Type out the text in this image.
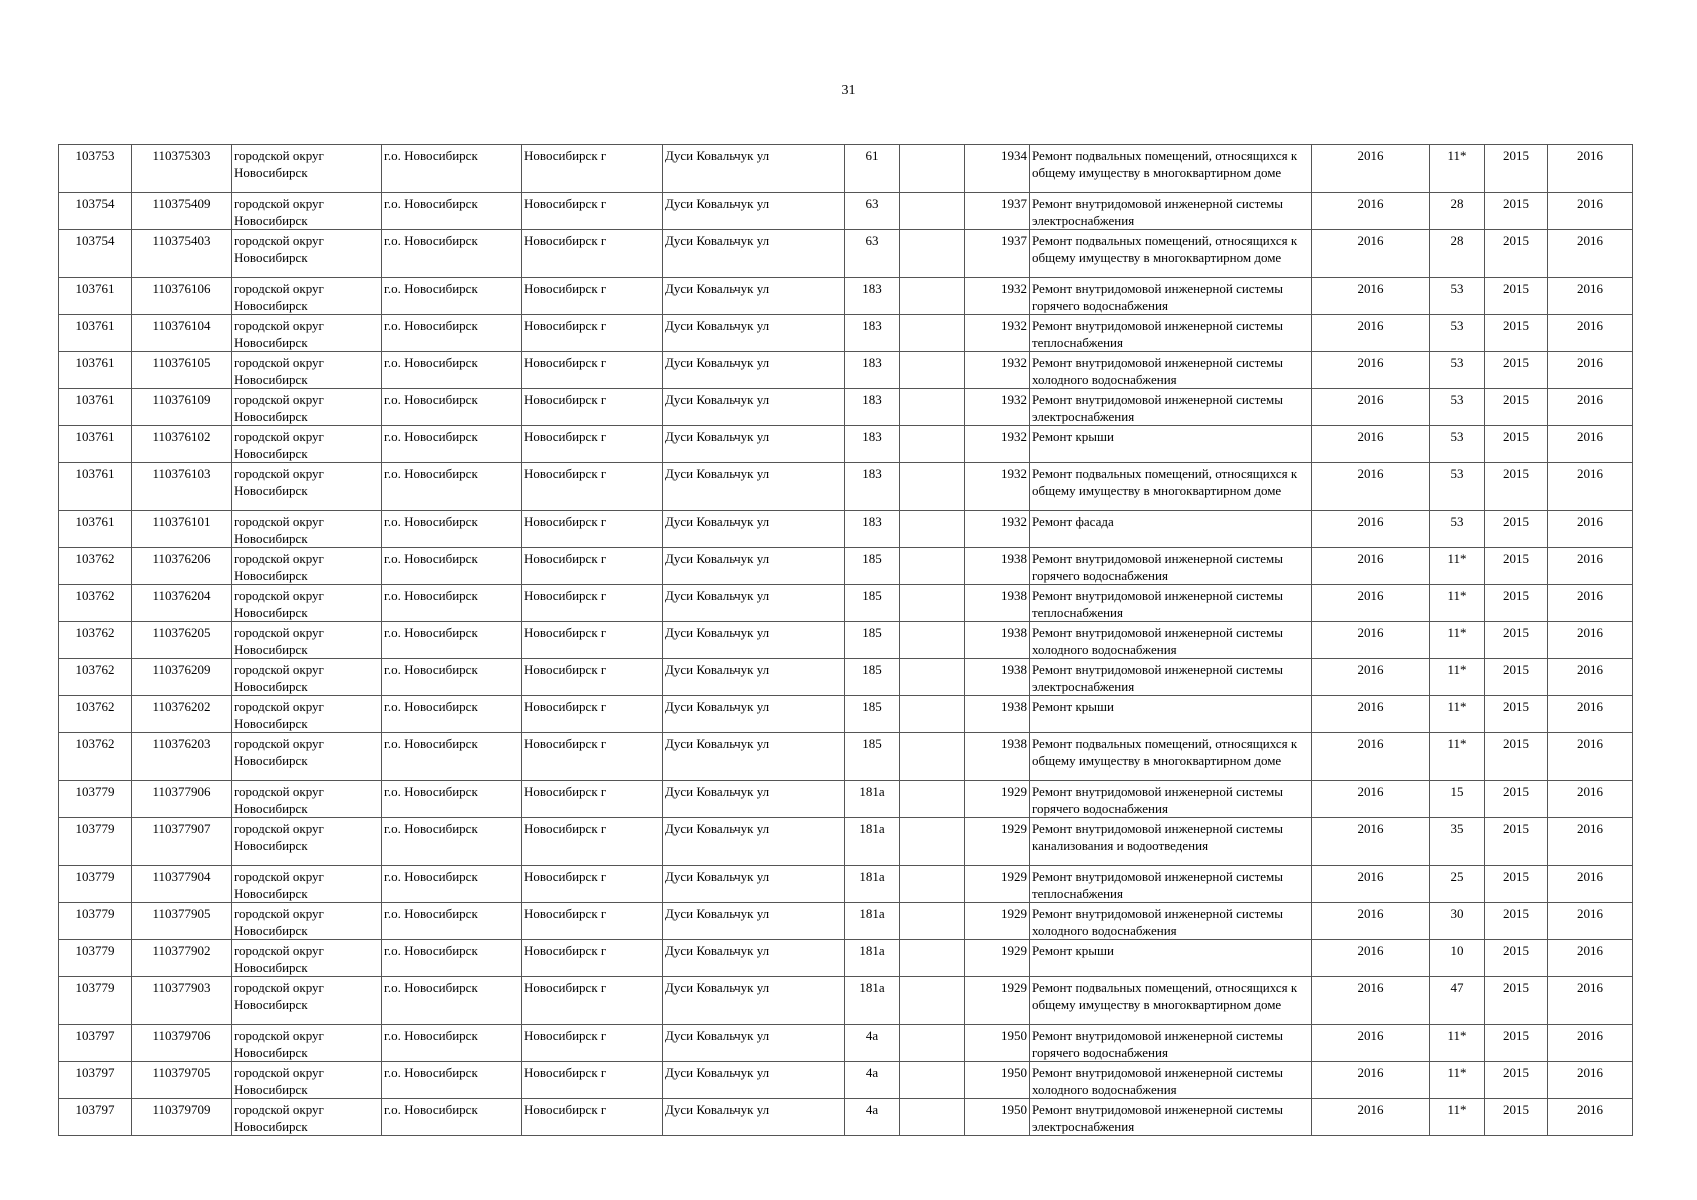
31
103753	110375303	городской округ Новосибирск	г.о. Новосибирск	Новосибирск г	Дуси Ковальчук ул	61		1934	Ремонт подвальных помещений, относящихся к общему имуществу в многоквартирном доме	2016	11*	2015	2016
103754	110375409	городской округ Новосибирск	г.о. Новосибирск	Новосибирск г	Дуси Ковальчук ул	63		1937	Ремонт внутридомовой инженерной системы электроснабжения	2016	28	2015	2016
103754	110375403	городской округ Новосибирск	г.о. Новосибирск	Новосибирск г	Дуси Ковальчук ул	63		1937	Ремонт подвальных помещений, относящихся к общему имуществу в многоквартирном доме	2016	28	2015	2016
103761	110376106	городской округ Новосибирск	г.о. Новосибирск	Новосибирск г	Дуси Ковальчук ул	183		1932	Ремонт внутридомовой инженерной системы горячего водоснабжения	2016	53	2015	2016
103761	110376104	городской округ Новосибирск	г.о. Новосибирск	Новосибирск г	Дуси Ковальчук ул	183		1932	Ремонт внутридомовой инженерной системы теплоснабжения	2016	53	2015	2016
103761	110376105	городской округ Новосибирск	г.о. Новосибирск	Новосибирск г	Дуси Ковальчук ул	183		1932	Ремонт внутридомовой инженерной системы холодного водоснабжения	2016	53	2015	2016
103761	110376109	городской округ Новосибирск	г.о. Новосибирск	Новосибирск г	Дуси Ковальчук ул	183		1932	Ремонт внутридомовой инженерной системы электроснабжения	2016	53	2015	2016
103761	110376102	городской округ Новосибирск	г.о. Новосибирск	Новосибирск г	Дуси Ковальчук ул	183		1932	Ремонт крыши	2016	53	2015	2016
103761	110376103	городской округ Новосибирск	г.о. Новосибирск	Новосибирск г	Дуси Ковальчук ул	183		1932	Ремонт подвальных помещений, относящихся к общему имуществу в многоквартирном доме	2016	53	2015	2016
103761	110376101	городской округ Новосибирск	г.о. Новосибирск	Новосибирск г	Дуси Ковальчук ул	183		1932	Ремонт фасада	2016	53	2015	2016
103762	110376206	городской округ Новосибирск	г.о. Новосибирск	Новосибирск г	Дуси Ковальчук ул	185		1938	Ремонт внутридомовой инженерной системы горячего водоснабжения	2016	11*	2015	2016
103762	110376204	городской округ Новосибирск	г.о. Новосибирск	Новосибирск г	Дуси Ковальчук ул	185		1938	Ремонт внутридомовой инженерной системы теплоснабжения	2016	11*	2015	2016
103762	110376205	городской округ Новосибирск	г.о. Новосибирск	Новосибирск г	Дуси Ковальчук ул	185		1938	Ремонт внутридомовой инженерной системы холодного водоснабжения	2016	11*	2015	2016
103762	110376209	городской округ Новосибирск	г.о. Новосибирск	Новосибирск г	Дуси Ковальчук ул	185		1938	Ремонт внутридомовой инженерной системы электроснабжения	2016	11*	2015	2016
103762	110376202	городской округ Новосибирск	г.о. Новосибирск	Новосибирск г	Дуси Ковальчук ул	185		1938	Ремонт крыши	2016	11*	2015	2016
103762	110376203	городской округ Новосибирск	г.о. Новосибирск	Новосибирск г	Дуси Ковальчук ул	185		1938	Ремонт подвальных помещений, относящихся к общему имуществу в многоквартирном доме	2016	11*	2015	2016
103779	110377906	городской округ Новосибирск	г.о. Новосибирск	Новосибирск г	Дуси Ковальчук ул	181а		1929	Ремонт внутридомовой инженерной системы горячего водоснабжения	2016	15	2015	2016
103779	110377907	городской округ Новосибирск	г.о. Новосибирск	Новосибирск г	Дуси Ковальчук ул	181а		1929	Ремонт внутридомовой инженерной системы канализования и водоотведения	2016	35	2015	2016
103779	110377904	городской округ Новосибирск	г.о. Новосибирск	Новосибирск г	Дуси Ковальчук ул	181а		1929	Ремонт внутридомовой инженерной системы теплоснабжения	2016	25	2015	2016
103779	110377905	городской округ Новосибирск	г.о. Новосибирск	Новосибирск г	Дуси Ковальчук ул	181а		1929	Ремонт внутридомовой инженерной системы холодного водоснабжения	2016	30	2015	2016
103779	110377902	городской округ Новосибирск	г.о. Новосибирск	Новосибирск г	Дуси Ковальчук ул	181а		1929	Ремонт крыши	2016	10	2015	2016
103779	110377903	городской округ Новосибирск	г.о. Новосибирск	Новосибирск г	Дуси Ковальчук ул	181а		1929	Ремонт подвальных помещений, относящихся к общему имуществу в многоквартирном доме	2016	47	2015	2016
103797	110379706	городской округ Новосибирск	г.о. Новосибирск	Новосибирск г	Дуси Ковальчук ул	4а		1950	Ремонт внутридомовой инженерной системы горячего водоснабжения	2016	11*	2015	2016
103797	110379705	городской округ Новосибирск	г.о. Новосибирск	Новосибирск г	Дуси Ковальчук ул	4а		1950	Ремонт внутридомовой инженерной системы холодного водоснабжения	2016	11*	2015	2016
103797	110379709	городской округ Новосибирск	г.о. Новосибирск	Новосибирск г	Дуси Ковальчук ул	4а		1950	Ремонт внутридомовой инженерной системы электроснабжения	2016	11*	2015	2016
